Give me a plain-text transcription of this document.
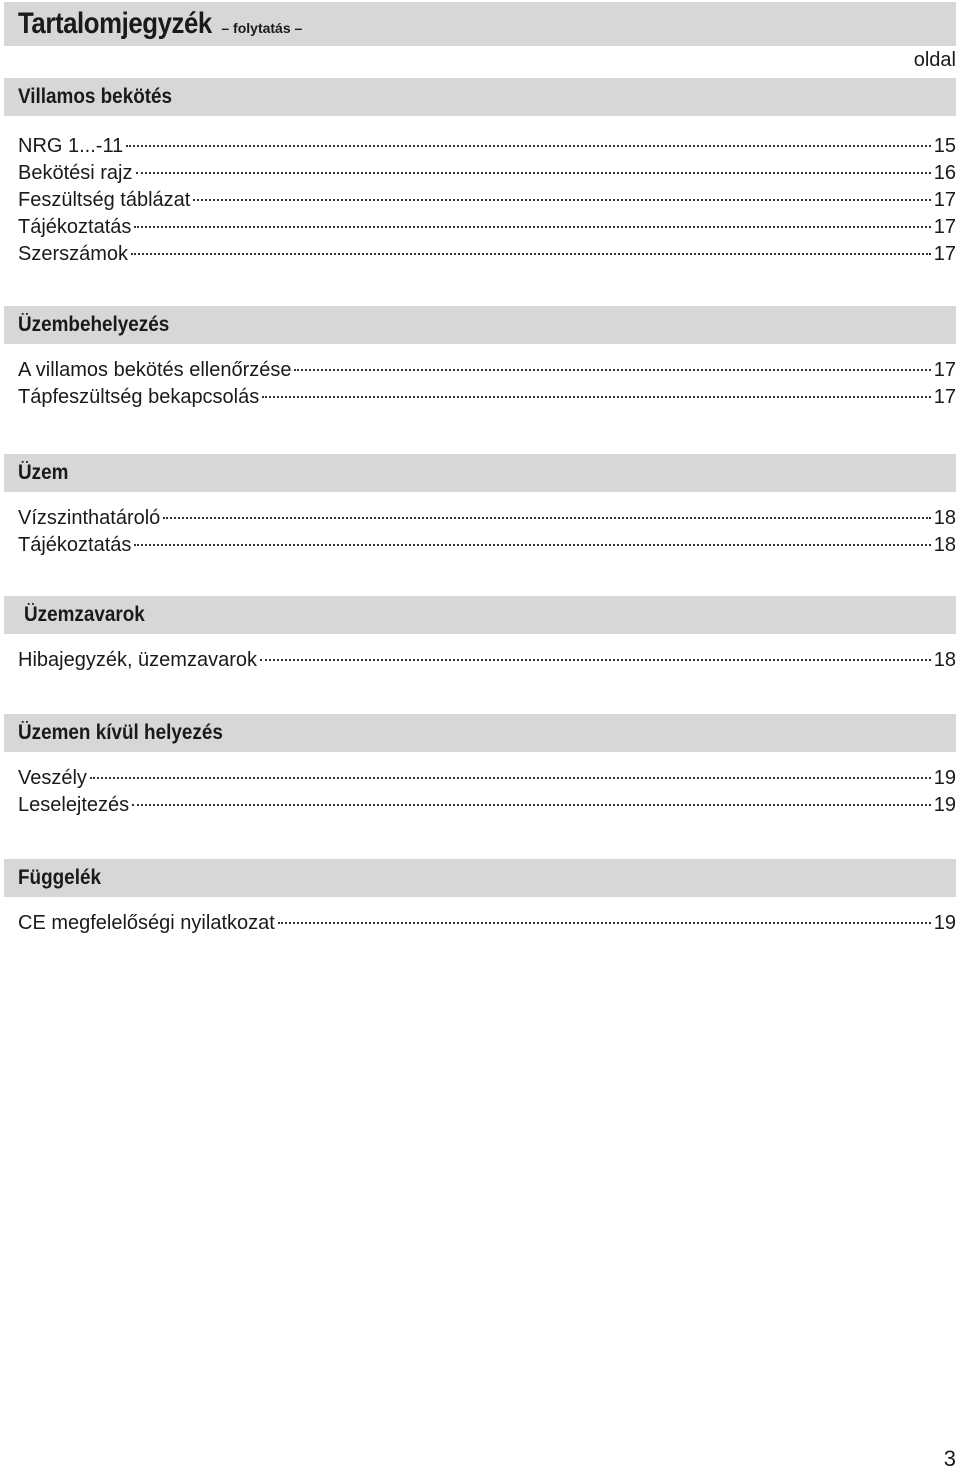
Tartalomjegyzék – folytatás –
oldal
Villamos bekötés
NRG 1...-11	15
Bekötési rajz	16
Feszültség táblázat	17
Tájékoztatás	17
Szerszámok	17
Üzembehelyezés
A villamos bekötés ellenőrzése	17
Tápfeszültség bekapcsolás	17
Üzem
Vízszinthatároló	18
Tájékoztatás	18
Üzemzavarok
Hibajegyzék, üzemzavarok	18
Üzemen kívül helyezés
Veszély	19
Leselejtezés	19
Függelék
CE megfelelőségi nyilatkozat	19
3
